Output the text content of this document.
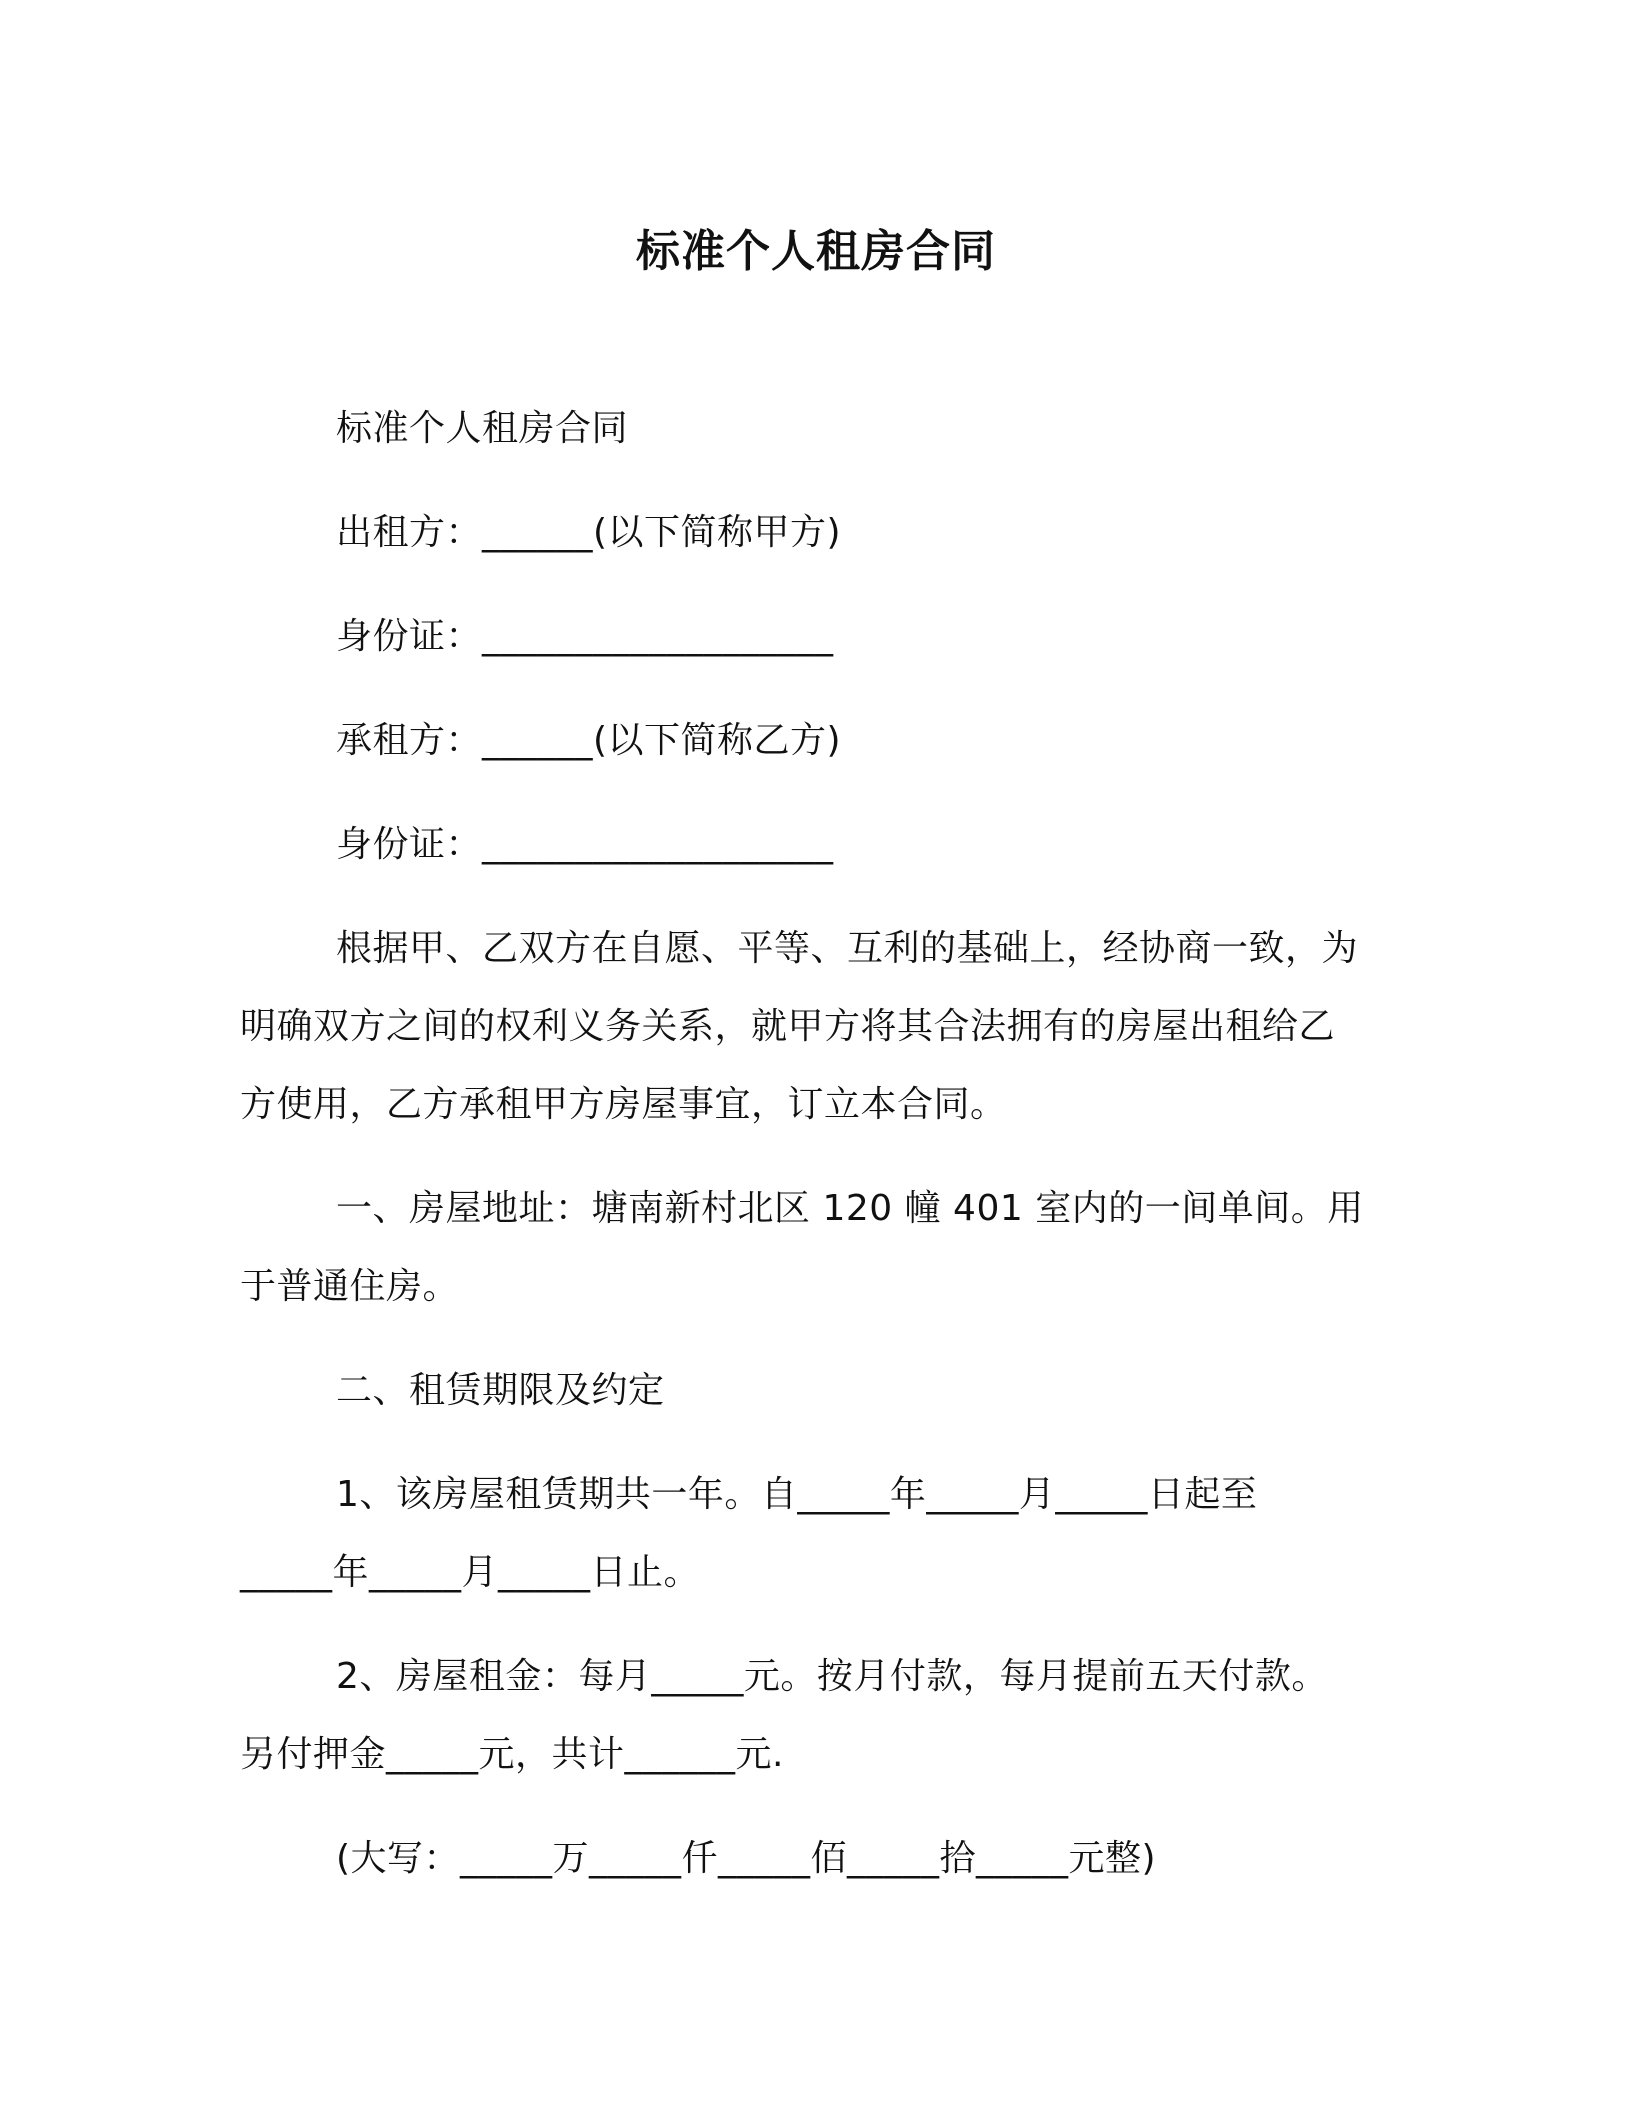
标准个人租房合同
标准个人租房合同
出租方：______(以下简称甲方)
身份证：___________________
承租方：______(以下简称乙方)
身份证：___________________
根据甲、乙双方在自愿、平等、互利的基础上，经协商一致，为
明确双方之间的权利义务关系，就甲方将其合法拥有的房屋出租给乙
方使用，乙方承租甲方房屋事宜，订立本合同。
一、房屋地址：塘南新村北区 120 幢 401 室内的一间单间。用
于普通住房。
二、租赁期限及约定
1、该房屋租赁期共一年。自_____年_____月_____日起至
_____年_____月_____日止。
2、房屋租金：每月_____元。按月付款，每月提前五天付款。
另付押金_____元，共计______元.
(大写：_____万_____仟_____佰_____拾_____元整)
